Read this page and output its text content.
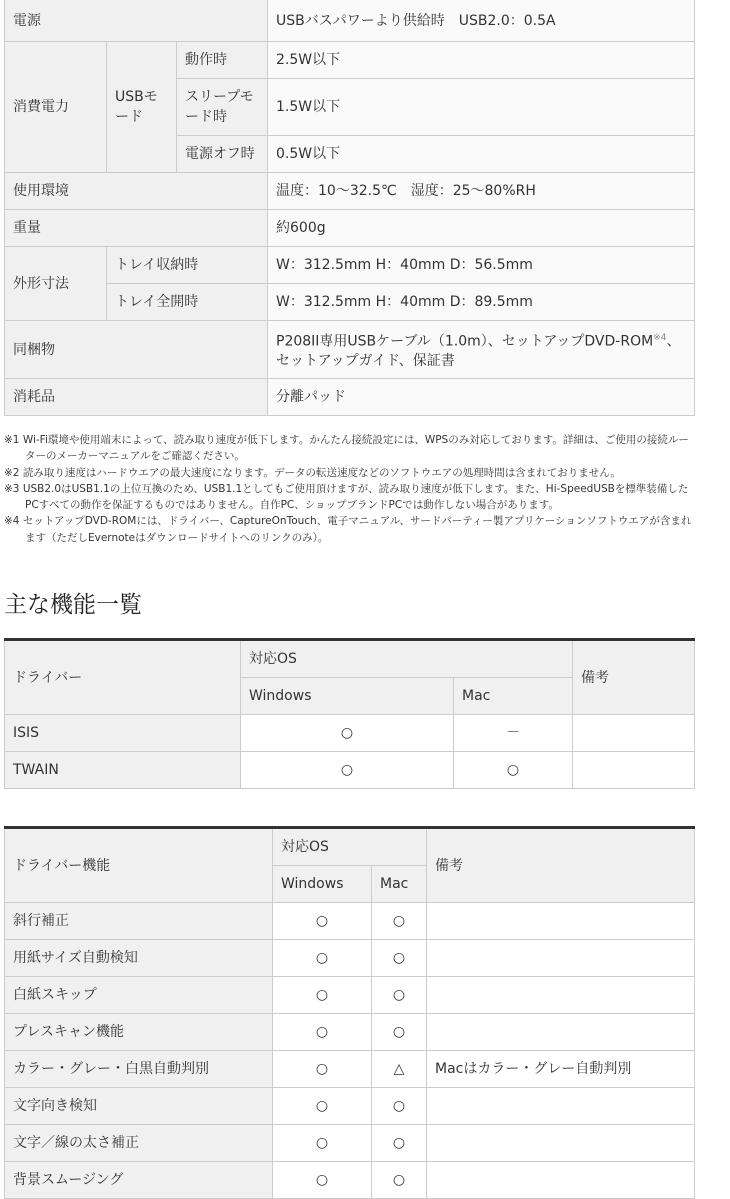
電源			USBバスパワーより供給時　USB2.0：0.5A
消費電力	USBモード	動作時	2.5W以下
		スリープモード時	1.5W以下
		電源オフ時	0.5W以下
使用環境			温度：10～32.5℃　湿度：25～80%RH
重量			約600g
外形寸法	トレイ収納時		W：312.5mm H：40mm D：56.5mm
	トレイ全開時		W：312.5mm H：40mm D：89.5mm
同梱物			P208II専用USBケーブル（1.0m）、セットアップDVD-ROM$^{※4}$、
セットアップガイド、保証書
消耗品			分離パッド

※1 Wi-Fi環境や使用端末によって、読み取り速度が低下します。かんたん接続設定には、WPSのみ対応しております。詳細は、ご使用の接続ルーターのメーカーマニュアルをご確認ください。

※2 読み取り速度はハードウエアの最大速度になります。データの転送速度などのソフトウエアの処理時間は含まれておりません。

※3 USB2.0はUSB1.1の上位互換のため、USB1.1としてもご使用頂けますが、読み取り速度が低下します。また、Hi-SpeedUSBを標準装備したPCすべての動作を保証するものではありません。自作PC、ショップブランドPCでは動作しない場合があります。

※4 セットアップDVD-ROMには、ドライバー、CaptureOnTouch、電子マニュアル、サードパーティー製アプリケーションソフトウエアが含まれます（ただしEvernoteはダウンロードサイトへのリンクのみ）。

主な機能一覧
ドライバー	対応OS		備考
	Windows	Mac	
ISIS	○	－	
TWAIN	○	○	
ドライバー機能	対応OS		備考
	Windows	Mac	
斜行補正	○	○	
用紙サイズ自動検知	○	○	
白紙スキップ	○	○	
プレスキャン機能	○	○	
カラー・グレー・白黒自動判別	○	△	Macはカラー・グレー自動判別
文字向き検知	○	○	
文字／線の太さ補正	○	○	
背景スムージング	○	○	
